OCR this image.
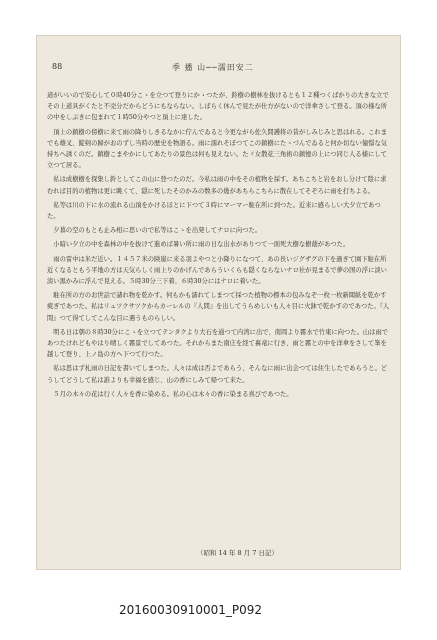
88	季 播 山──濡田安二

道がいいので安心して０時40分こゝを立つて登りにかゝつたが、鈴樹の樹林を抜けるとも１２種つくばかりの大きな立でその上道具がくたと不売分だからどうにもならない。しばらく休んで見たが仕方がないので洋傘さして登る。頂の様な所の中をしぶきに包まれて１時50分やつと頂上に達した。

頂上の鎮樹の傍樹に来て雨の降りしきるなかに佇んでゐると今更ながら佐久間護将の昔がしみじみと思はれる。これまでも雄叉、錠剣の歸がおのずし当時の歴史を物語る。雨に濡れそぼつてこの鎮樹にたゝづんでゐると何か切ない憧憬な気持ちへ誘くのだ。鎮樹こまやかにしてあたりの景色は何も見えない。たゞ女散花三角術の鎮憶の上につ同じ人る様にして立つて居る。

私は成樹樹を探集し鈴としてこの山に登つたのだ。今私は雨の中をその植物を採す。あちこちと岩をおし分けて陰に求むれば目的の植物は更に眺くて、隠に死したそのかみの数多の幾があちらこちらに散在してそぞろに雨を打ちよる。

私等は川の下に水の流れる山頂をかけるほとに下つて３時にマーマー駐在所に到つた。近来に感らしい大夕立であつた。

夕暮の空のもとも止み相に思いので私等はこゝを出発してナロに向つた。

小暗い夕立の中を森林の中を抜けて進めば暑い所に雨の日な出水がありつて一面死大樹な樹蔭があつた。

雨の雷中は米だ近い。１４５７米の険崖に来る羽よやつと小降りになつて、あの長いジグザグの下を過ぎて園下駐在所近くなるともう平地の方は天気らしく雨上りのかげんであらういくらも隠くならないナロ社が見まるで夢の国の浮に淡い淡い黒かみに浮んで見える。５時30分三下着、６時30分にはナロに着いた。

駐在所の方のお世話で諸れ物を乾かす。何もかも濡れてしまつて採つた植物の標本の包みなぞ一枚一枚新聞紙を乾かす疲ぎであつた。私はリュツクサツクからカーレルの『人間』を出してうらめしいも人々目に火鉢で乾かすのであつた。『人間』つて得てしてこんな目に遇うものらしい。

明る日は朝の８時30分にこゝを立つてテンタクより大石を通つて内湾に出で、南岡より霧水で竹東に向つた。山は雨であつたけれどもやはり晴しく霧景でしてあつた。それからまた南庄を経て裏竜に行き、雨と霧との中を洋傘をさして峯を越して登り、上ノ島の方へ下つて行つた。

私は思はず札雨の日記を書いてしまつた。人々は成は否よであらう、そんなに雨に出会つては住生したであらうと。どうしてどうして私は誰よりも幸福を感じ、山の香にしみて帰つて来た。

５月の木々の花は行く人々を香に染める。私の心は木々の香に染まる喜びであつた。

（昭和 14 年 8 月 7 日記）
20160030910001_P092
